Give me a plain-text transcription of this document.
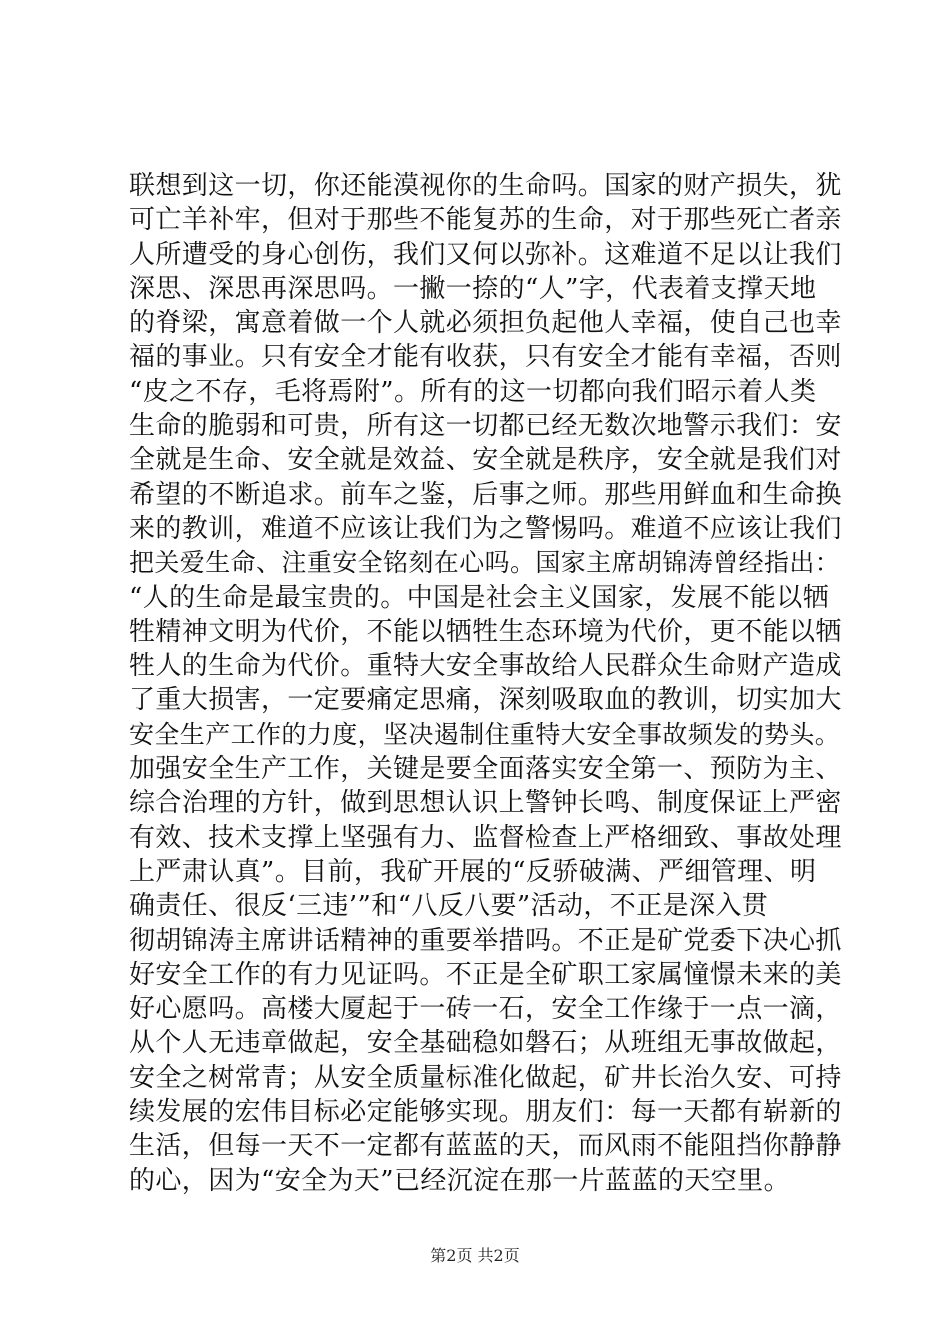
联想到这一切，你还能漠视你的生命吗。国家的财产损失，犹
可亡羊补牢，但对于那些不能复苏的生命，对于那些死亡者亲
人所遭受的身心创伤，我们又何以弥补。这难道不足以让我们
深思、深思再深思吗。一撇一捺的“人”字，代表着支撑天地
的脊梁，寓意着做一个人就必须担负起他人幸福，使自己也幸
福的事业。只有安全才能有收获，只有安全才能有幸福，否则
“皮之不存，毛将焉附”。所有的这一切都向我们昭示着人类
生命的脆弱和可贵，所有这一切都已经无数次地警示我们：安
全就是生命、安全就是效益、安全就是秩序，安全就是我们对
希望的不断追求。前车之鉴，后事之师。那些用鲜血和生命换
来的教训，难道不应该让我们为之警惕吗。难道不应该让我们
把关爱生命、注重安全铭刻在心吗。国家主席胡锦涛曾经指出：
“人的生命是最宝贵的。中国是社会主义国家，发展不能以牺
牲精神文明为代价，不能以牺牲生态环境为代价，更不能以牺
牲人的生命为代价。重特大安全事故给人民群众生命财产造成
了重大损害，一定要痛定思痛，深刻吸取血的教训，切实加大
安全生产工作的力度，坚决遏制住重特大安全事故频发的势头。
加强安全生产工作，关键是要全面落实安全第一、预防为主、
综合治理的方针，做到思想认识上警钟长鸣、制度保证上严密
有效、技术支撑上坚强有力、监督检查上严格细致、事故处理
上严肃认真”。目前，我矿开展的“反骄破满、严细管理、明
确责任、很反‘三违’”和“八反八要”活动，不正是深入贯
彻胡锦涛主席讲话精神的重要举措吗。不正是矿党委下决心抓
好安全工作的有力见证吗。不正是全矿职工家属憧憬未来的美
好心愿吗。高楼大厦起于一砖一石，安全工作缘于一点一滴，
从个人无违章做起，安全基础稳如磐石；从班组无事故做起，
安全之树常青；从安全质量标准化做起，矿井长治久安、可持
续发展的宏伟目标必定能够实现。朋友们：每一天都有崭新的
生活，但每一天不一定都有蓝蓝的天，而风雨不能阻挡你静静
的心，因为“安全为天”已经沉淀在那一片蓝蓝的天空里。
第2页 共2页
